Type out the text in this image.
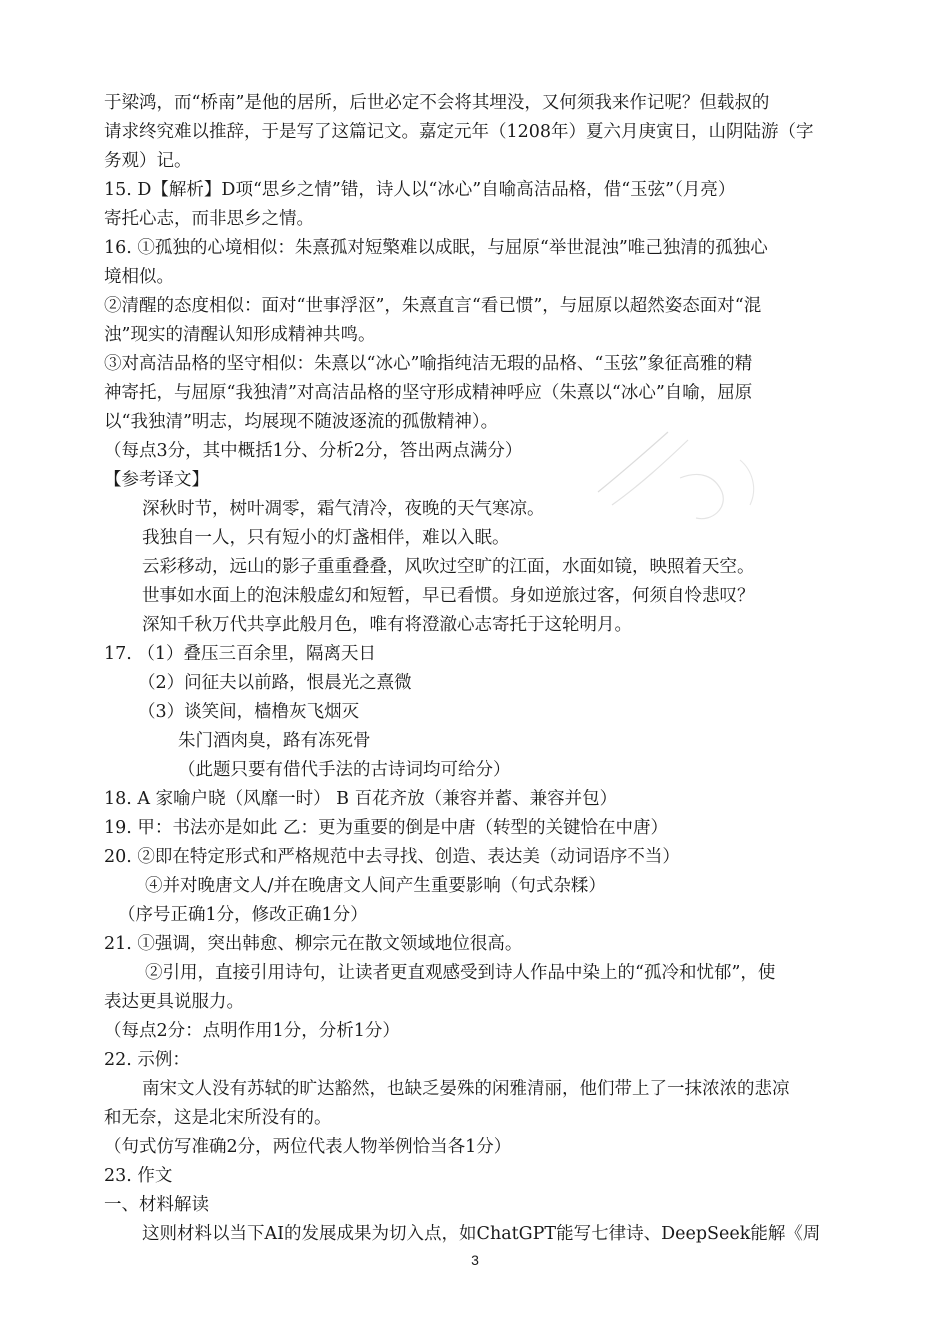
于梁鸿，而“桥南”是他的居所，后世必定不会将其埋没，又何须我来作记呢？但载叔的
请求终究难以推辞，于是写了这篇记文。嘉定元年（1208年）夏六月庚寅日，山阴陆游（字
务观）记。
15. D【解析】D项“思乡之情”错，诗人以“冰心”自喻高洁品格，借“玉弦”（月亮）
寄托心志，而非思乡之情。
16. ①孤独的心境相似：朱熹孤对短檠难以成眠，与屈原“举世混浊”唯己独清的孤独心
境相似。
②清醒的态度相似：面对“世事浮沤”，朱熹直言“看已惯”，与屈原以超然姿态面对“混
浊”现实的清醒认知形成精神共鸣。
③对高洁品格的坚守相似：朱熹以“冰心”喻指纯洁无瑕的品格、“玉弦”象征高雅的精
神寄托，与屈原“我独清”对高洁品格的坚守形成精神呼应（朱熹以“冰心”自喻，屈原
以“我独清”明志，均展现不随波逐流的孤傲精神）。
（每点3分，其中概括1分、分析2分，答出两点满分）
【参考译文】
深秋时节，树叶凋零，霜气清冷，夜晚的天气寒凉。
我独自一人，只有短小的灯盏相伴，难以入眠。
云彩移动，远山的影子重重叠叠，风吹过空旷的江面，水面如镜，映照着天空。
世事如水面上的泡沫般虚幻和短暂，早已看惯。身如逆旅过客，何须自怜悲叹？
深知千秋万代共享此般月色，唯有将澄澈心志寄托于这轮明月。
17. （1）叠压三百余里，隔离天日
（2）问征夫以前路，恨晨光之熹微
（3）谈笑间，樯橹灰飞烟灭
朱门酒肉臭，路有冻死骨
（此题只要有借代手法的古诗词均可给分）
18. A 家喻户晓（风靡一时） B 百花齐放（兼容并蓄、兼容并包）
19. 甲：书法亦是如此 乙：更为重要的倒是中唐（转型的关键恰在中唐）
20. ②即在特定形式和严格规范中去寻找、创造、表达美（动词语序不当）
④并对晚唐文人/并在晚唐文人间产生重要影响（句式杂糅）
（序号正确1分，修改正确1分）
21. ①强调，突出韩愈、柳宗元在散文领域地位很高。
②引用，直接引用诗句，让读者更直观感受到诗人作品中染上的“孤冷和忧郁”，使
表达更具说服力。
（每点2分：点明作用1分，分析1分）
22. 示例：
南宋文人没有苏轼的旷达豁然，也缺乏晏殊的闲雅清丽，他们带上了一抹浓浓的悲凉
和无奈，这是北宋所没有的。
（句式仿写准确2分，两位代表人物举例恰当各1分）
23. 作文
一、材料解读
这则材料以当下AI的发展成果为切入点，如ChatGPT能写七律诗、DeepSeek能解《周
3
